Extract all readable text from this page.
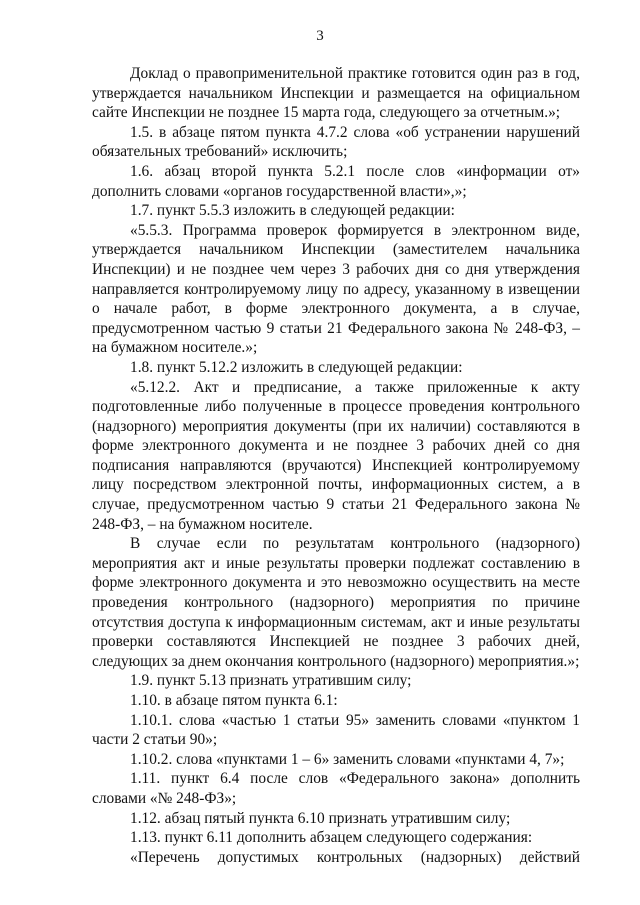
3

Доклад о правоприменительной практике готовится один раз в год, утверждается начальником Инспекции и размещается на официальном сайте Инспекции не позднее 15 марта года, следующего за отчетным.»;

1.5. в абзаце пятом пункта 4.7.2 слова «об устранении нарушений обязательных требований» исключить;

1.6. абзац второй пункта 5.2.1 после слов «информации от» дополнить словами «органов государственной власти»,»;

1.7. пункт 5.5.3 изложить в следующей редакции:

«5.5.3. Программа проверок формируется в электронном виде, утверждается начальником Инспекции (заместителем начальника Инспекции) и не позднее чем через 3 рабочих дня со дня утверждения направляется контролируемому лицу по адресу, указанному в извещении о начале работ, в форме электронного документа, а в случае, предусмотренном частью 9 статьи 21 Федерального закона № 248-ФЗ, – на бумажном носителе.»;

1.8. пункт 5.12.2 изложить в следующей редакции:

«5.12.2. Акт и предписание, а также приложенные к акту подготовленные либо полученные в процессе проведения контрольного (надзорного) мероприятия документы (при их наличии) составляются в форме электронного документа и не позднее 3 рабочих дней со дня подписания направляются (вручаются) Инспекцией контролируемому лицу посредством электронной почты, информационных систем, а в случае, предусмотренном частью 9 статьи 21 Федерального закона № 248-ФЗ, – на бумажном носителе.

В случае если по результатам контрольного (надзорного) мероприятия акт и иные результаты проверки подлежат составлению в форме электронного документа и это невозможно осуществить на месте проведения контрольного (надзорного) мероприятия по причине отсутствия доступа к информационным системам, акт и иные результаты проверки составляются Инспекцией не позднее 3 рабочих дней, следующих за днем окончания контрольного (надзорного) мероприятия.»;

1.9. пункт 5.13 признать утратившим силу;

1.10. в абзаце пятом пункта 6.1:

1.10.1. слова «частью 1 статьи 95» заменить словами «пунктом 1 части 2 статьи 90»;

1.10.2. слова «пунктами 1 – 6» заменить словами «пунктами 4, 7»;

1.11. пункт 6.4 после слов «Федерального закона» дополнить словами «№ 248-ФЗ»;

1.12. абзац пятый пункта 6.10 признать утратившим силу;

1.13. пункт 6.11 дополнить абзацем следующего содержания:

«Перечень допустимых контрольных (надзорных) действий
